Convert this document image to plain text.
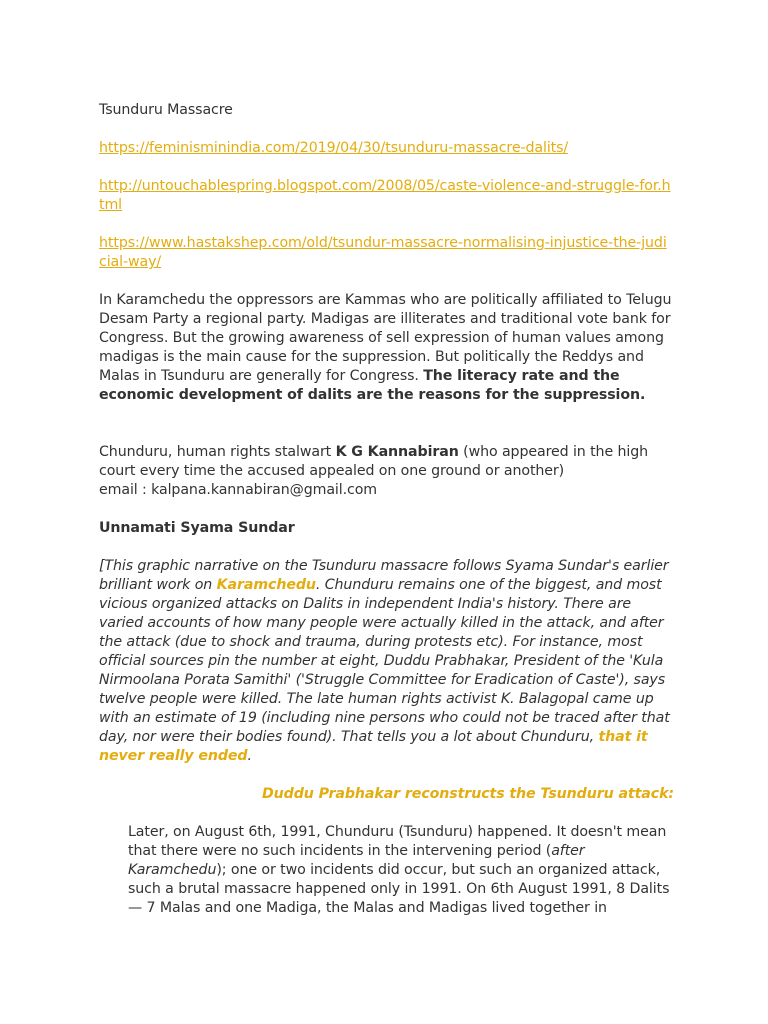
Tsunduru Massacre

https://feminisminindia.com/2019/04/30/tsunduru-massacre-dalits/

http://untouchablespring.blogspot.com/2008/05/caste-violence-and-struggle-for.html

https://www.hastakshep.com/old/tsundur-massacre-normalising-injustice-the-judicial-way/

In Karamchedu the oppressors are Kammas who are politically affiliated to Telugu Desam Party a regional party. Madigas are illiterates and traditional vote bank for Congress. But the growing awareness of sell expression of human values among madigas is the main cause for the suppression. But politically the Reddys and Malas in Tsunduru are generally for Congress. The literacy rate and the economic development of dalits are the reasons for the suppression.

Chunduru, human rights stalwart K G Kannabiran (who appeared in the high court every time the accused appealed on one ground or another)
email : kalpana.kannabiran@gmail.com

Unnamati Syama Sundar

[This graphic narrative on the Tsunduru massacre follows Syama Sundar's earlier brilliant work on Karamchedu. Chunduru remains one of the biggest, and most vicious organized attacks on Dalits in independent India's history. There are varied accounts of how many people were actually killed in the attack, and after the attack (due to shock and trauma, during protests etc). For instance, most official sources pin the number at eight, Duddu Prabhakar, President of the 'Kula Nirmoolana Porata Samithi' ('Struggle Committee for Eradication of Caste'), says twelve people were killed. The late human rights activist K. Balagopal came up with an estimate of 19 (including nine persons who could not be traced after that day, nor were their bodies found). That tells you a lot about Chunduru, that it never really ended.

Duddu Prabhakar reconstructs the Tsunduru attack:

Later, on August 6th, 1991, Chunduru (Tsunduru) happened. It doesn't mean that there were no such incidents in the intervening period (after Karamchedu); one or two incidents did occur, but such an organized attack, such a brutal massacre happened only in 1991. On 6th August 1991, 8 Dalits — 7 Malas and one Madiga, the Malas and Madigas lived together in
